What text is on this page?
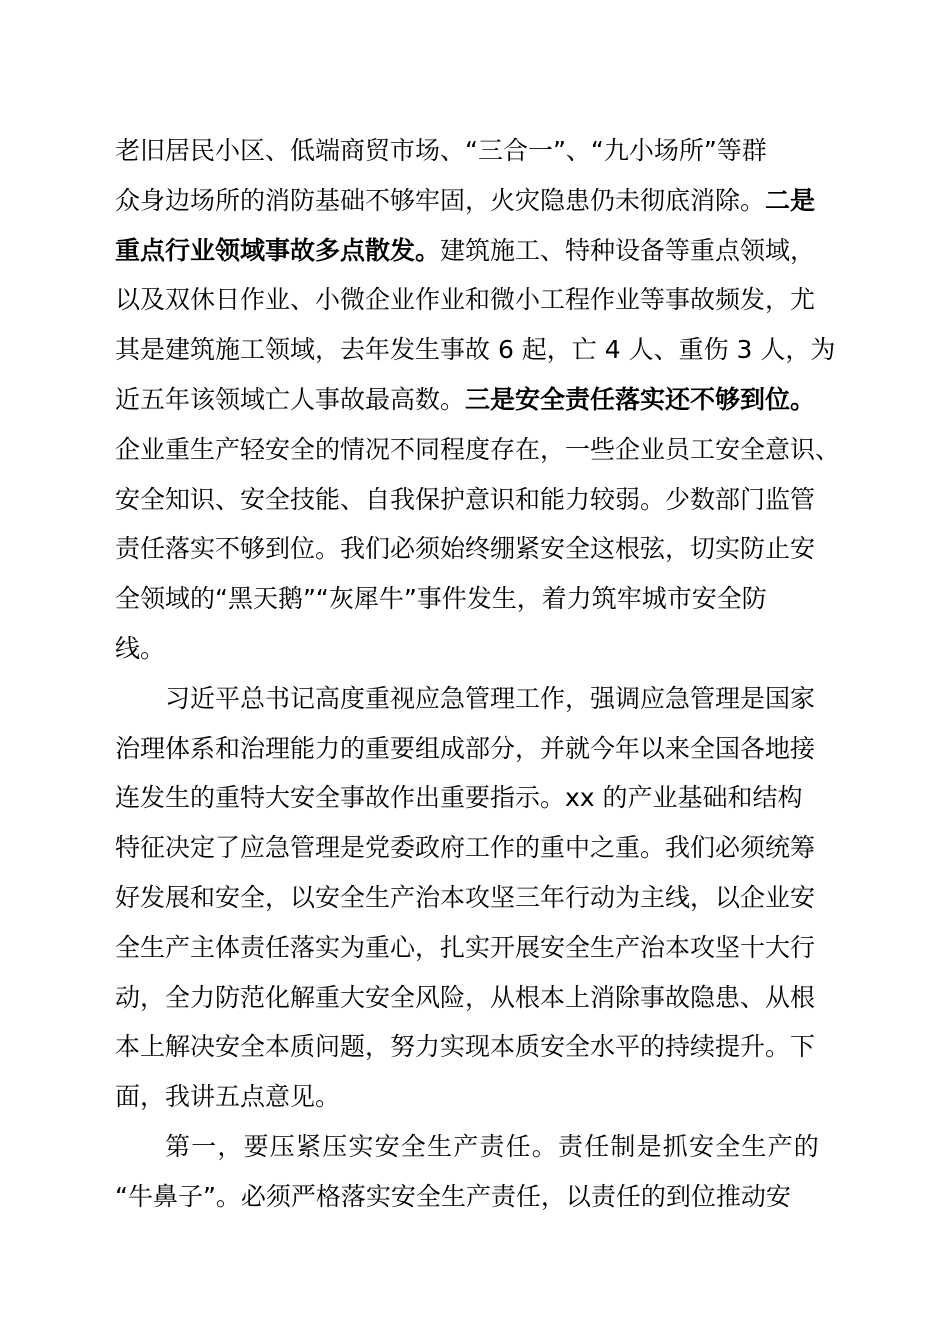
老旧居民小区、低端商贸市场、“三合一”、“九小场所”等群
众身边场所的消防基础不够牢固，火灾隐患仍未彻底消除。二是
重点行业领域事故多点散发。建筑施工、特种设备等重点领域，
以及双休日作业、小微企业作业和微小工程作业等事故频发，尤
其是建筑施工领域，去年发生事故 6 起，亡 4 人、重伤 3 人，为
近五年该领域亡人事故最高数。三是安全责任落实还不够到位。
企业重生产轻安全的情况不同程度存在，一些企业员工安全意识、
安全知识、安全技能、自我保护意识和能力较弱。少数部门监管
责任落实不够到位。我们必须始终绷紧安全这根弦，切实防止安
全领域的“黑天鹅”“灰犀牛”事件发生，着力筑牢城市安全防
线。

习近平总书记高度重视应急管理工作，强调应急管理是国家
治理体系和治理能力的重要组成部分，并就今年以来全国各地接
连发生的重特大安全事故作出重要指示。xx 的产业基础和结构
特征决定了应急管理是党委政府工作的重中之重。我们必须统筹
好发展和安全，以安全生产治本攻坚三年行动为主线，以企业安
全生产主体责任落实为重心，扎实开展安全生产治本攻坚十大行
动，全力防范化解重大安全风险，从根本上消除事故隐患、从根
本上解决安全本质问题，努力实现本质安全水平的持续提升。下
面，我讲五点意见。

第一，要压紧压实安全生产责任。责任制是抓安全生产的
“牛鼻子”。必须严格落实安全生产责任，以责任的到位推动安
